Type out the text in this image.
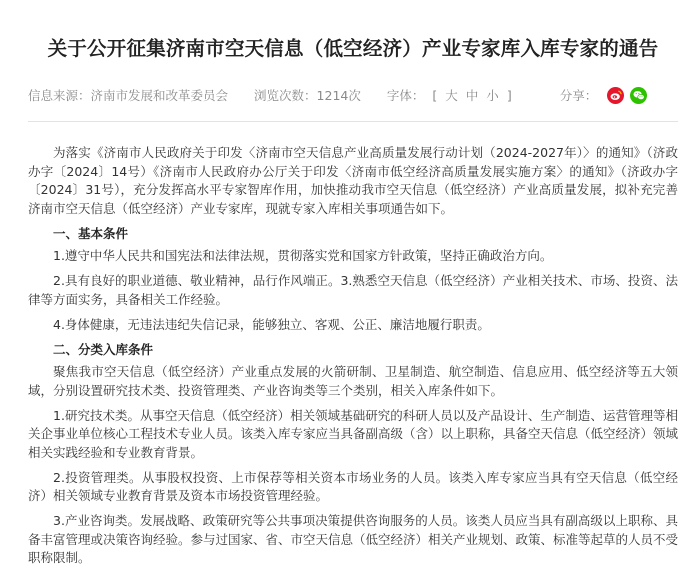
关于公开征集济南市空天信息（低空经济）产业专家库入库专家的通告
信息来源：济南市发展和改革委员会 浏览次数：1214次 字体： [ 大 中 小 ]	分享：

为落实《济南市人民政府关于印发〈济南市空天信息产业高质量发展行动计划（2024-2027年）〉的通知》（济政办字〔2024〕14号）《济南市人民政府办公厅关于印发〈济南市低空经济高质量发展实施方案〉的通知》（济政办字〔2024〕31号），充分发挥高水平专家智库作用，加快推动我市空天信息（低空经济）产业高质量发展，拟补充完善济南市空天信息（低空经济）产业专家库，现就专家入库相关事项通告如下。

一、基本条件

1.遵守中华人民共和国宪法和法律法规，贯彻落实党和国家方针政策，坚持正确政治方向。

2.具有良好的职业道德、敬业精神，品行作风端正。3.熟悉空天信息（低空经济）产业相关技术、市场、投资、法律等方面实务，具备相关工作经验。

4.身体健康，无违法违纪失信记录，能够独立、客观、公正、廉洁地履行职责。

二、分类入库条件

聚焦我市空天信息（低空经济）产业重点发展的火箭研制、卫星制造、航空制造、信息应用、低空经济等五大领域，分别设置研究技术类、投资管理类、产业咨询类等三个类别，相关入库条件如下。

1.研究技术类。从事空天信息（低空经济）相关领域基础研究的科研人员以及产品设计、生产制造、运营管理等相关企事业单位核心工程技术专业人员。该类入库专家应当具备副高级（含）以上职称，具备空天信息（低空经济）领域相关实践经验和专业教育背景。

2.投资管理类。从事股权投资、上市保荐等相关资本市场业务的人员。该类入库专家应当具有空天信息（低空经济）相关领域专业教育背景及资本市场投资管理经验。

3.产业咨询类。发展战略、政策研究等公共事项决策提供咨询服务的人员。该类人员应当具有副高级以上职称、具备丰富管理或决策咨询经验。参与过国家、省、市空天信息（低空经济）相关产业规划、政策、标准等起草的人员不受职称限制。
